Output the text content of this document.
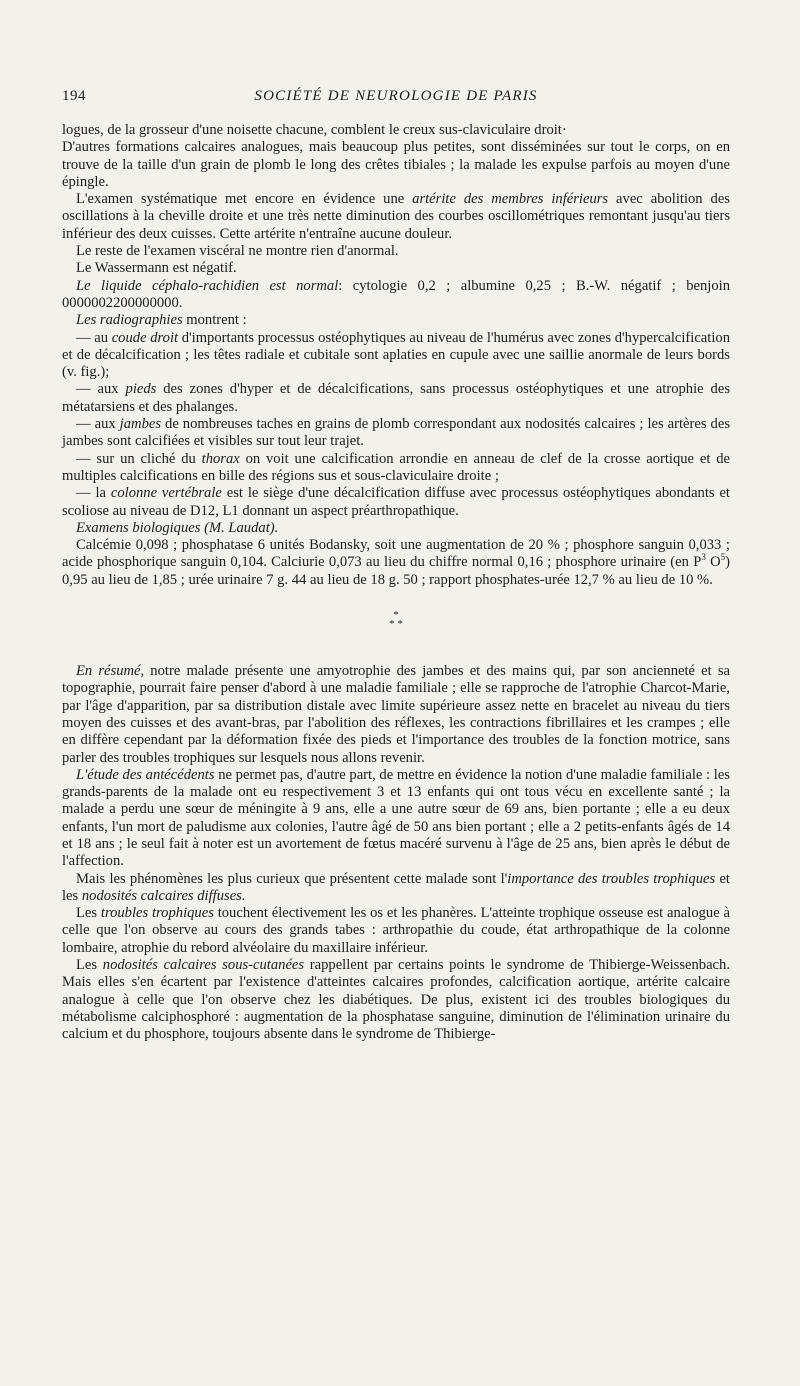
194	SOCIÉTÉ DE NEUROLOGIE DE PARIS

logues, de la grosseur d'une noisette chacune, comblent le creux sus-claviculaire droit·

D'autres formations calcaires analogues, mais beaucoup plus petites, sont disséminées sur tout le corps, on en trouve de la taille d'un grain de plomb le long des crêtes tibiales ; la malade les expulse parfois au moyen d'une épingle.

L'examen systématique met encore en évidence une artérite des membres inférieurs avec abolition des oscillations à la cheville droite et une très nette diminution des courbes oscillométriques remontant jusqu'au tiers inférieur des deux cuisses. Cette artérite n'entraîne aucune douleur.

Le reste de l'examen viscéral ne montre rien d'anormal.

Le Wassermann est négatif.

Le liquide céphalo-rachidien est normal: cytologie 0,2 ; albumine 0,25 ; B.-W. négatif ; benjoin 0000002200000000.

Les radiographies montrent :

— au coude droit d'importants processus ostéophytiques au niveau de l'humérus avec zones d'hypercalcification et de décalcification ; les têtes radiale et cubitale sont aplaties en cupule avec une saillie anormale de leurs bords (v. fig.);

— aux pieds des zones d'hyper et de décalcifications, sans processus ostéophytiques et une atrophie des métatarsiens et des phalanges.

— aux jambes de nombreuses taches en grains de plomb correspondant aux nodosités calcaires ; les artères des jambes sont calcifiées et visibles sur tout leur trajet.

— sur un cliché du thorax on voit une calcification arrondie en anneau de clef de la crosse aortique et de multiples calcifications en bille des régions sus et sous-claviculaire droite ;

— la colonne vertébrale est le siège d'une décalcification diffuse avec processus ostéophytiques abondants et scoliose au niveau de D12, L1 donnant un aspect préarthropathique.

Examens biologiques (M. Laudat).

Calcémie 0,098 ; phosphatase 6 unités Bodansky, soit une augmentation de 20 % ; phosphore sanguin 0,033 ; acide phosphorique sanguin 0,104. Calciurie 0,073 au lieu du chiffre normal 0,16 ; phosphore urinaire (en $P^3$ $O^5$) 0,95 au lieu de 1,85 ; urée urinaire 7 g. 44 au lieu de 18 g. 50 ; rapport phosphates-urée 12,7 % au lieu de 10 %.

*
* *

En résumé, notre malade présente une amyotrophie des jambes et des mains qui, par son ancienneté et sa topographie, pourrait faire penser d'abord à une maladie familiale ; elle se rapproche de l'atrophie Charcot-Marie, par l'âge d'apparition, par sa distribution distale avec limite supérieure assez nette en bracelet au niveau du tiers moyen des cuisses et des avant-bras, par l'abolition des réflexes, les contractions fibrillaires et les crampes ; elle en diffère cependant par la déformation fixée des pieds et l'importance des troubles de la fonction motrice, sans parler des troubles trophiques sur lesquels nous allons revenir.

L'étude des antécédents ne permet pas, d'autre part, de mettre en évidence la notion d'une maladie familiale : les grands-parents de la malade ont eu respectivement 3 et 13 enfants qui ont tous vécu en excellente santé ; la malade a perdu une sœur de méningite à 9 ans, elle a une autre sœur de 69 ans, bien portante ; elle a eu deux enfants, l'un mort de paludisme aux colonies, l'autre âgé de 50 ans bien portant ; elle a 2 petits-enfants âgés de 14 et 18 ans ; le seul fait à noter est un avortement de fœtus macéré survenu à l'âge de 25 ans, bien après le début de l'affection.

Mais les phénomènes les plus curieux que présentent cette malade sont l'importance des troubles trophiques et les nodosités calcaires diffuses.

Les troubles trophiques touchent électivement les os et les phanères. L'atteinte trophique osseuse est analogue à celle que l'on observe au cours des grands tabes : arthropathie du coude, état arthropathique de la colonne lombaire, atrophie du rebord alvéolaire du maxillaire inférieur.

Les nodosités calcaires sous-cutanées rappellent par certains points le syndrome de Thibierge-Weissenbach. Mais elles s'en écartent par l'existence d'atteintes calcaires profondes, calcification aortique, artérite calcaire analogue à celle que l'on observe chez les diabétiques. De plus, existent ici des troubles biologiques du métabolisme calciphosphoré : augmentation de la phosphatase sanguine, diminution de l'élimination urinaire du calcium et du phosphore, toujours absente dans le syndrome de Thibierge-
